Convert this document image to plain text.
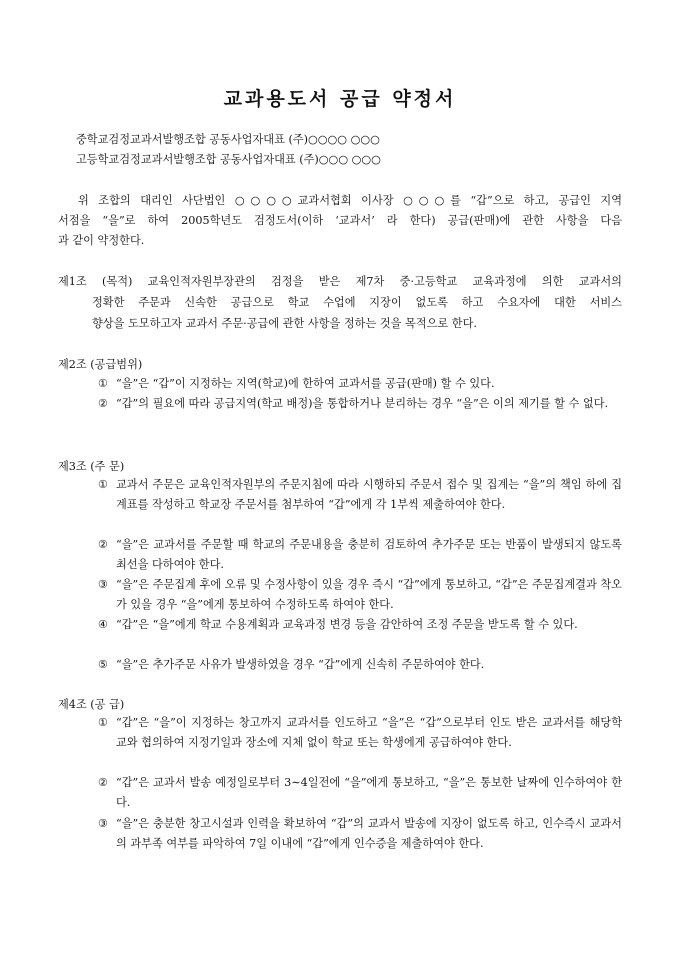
교과용도서 공급 약정서
중학교검정교과서발행조합 공동사업자대표 (주)○○○○ ○○○
고등학교검정교과서발행조합 공동사업자대표 (주)○○○ ○○○
위 조합의 대리인 사단법인 ○○○○교과서협회 이사장 ○○○를 “갑”으로 하고, 공급인 지역
서점을 “을”로 하여 2005학년도 검정도서(이하 ‘교과서’ 라 한다) 공급(판매)에 관한 사항을 다음
과 같이 약정한다.
제1조 (목적) 교육인적자원부장관의 검정을 받은 제7차 중·고등학교 교육과정에 의한 교과서의
정확한 주문과 신속한 공급으로 학교 수업에 지장이 없도록 하고 수요자에 대한 서비스
향상을 도모하고자 교과서 주문·공급에 관한 사항을 정하는 것을 목적으로 한다.
제2조 (공급범위)
① “을”은 “갑”이 지정하는 지역(학교)에 한하여 교과서를 공급(판매) 할 수 있다.
② “갑”의 필요에 따라 공급지역(학교 배정)을 통합하거나 분리하는 경우 “을”은 이의 제기를 할 수 없다.
제3조 (주 문)
① 교과서 주문은 교육인적자원부의 주문지침에 따라 시행하되 주문서 접수 및 집계는 “을”의 책임 하에 집계표를 작성하고 학교장 주문서를 첨부하여 “갑”에게 각 1부씩 제출하여야 한다.
② “을”은 교과서를 주문할 때 학교의 주문내용을 충분히 검토하여 추가주문 또는 반품이 발생되지 않도록 최선을 다하여야 한다.
③ “을”은 주문집계 후에 오류 및 수정사항이 있을 경우 즉시 “갑”에게 통보하고, “갑”은 주문집계결과 착오가 있을 경우 “을”에게 통보하여 수정하도록 하여야 한다.
④ “갑”은 “을”에게 학교 수용계획과 교육과정 변경 등을 감안하여 조정 주문을 받도록 할 수 있다.
⑤ “을”은 추가주문 사유가 발생하였을 경우 “갑”에게 신속히 주문하여야 한다.
제4조 (공 급)
① “갑”은 “을”이 지정하는 창고까지 교과서를 인도하고 “을”은 “갑”으로부터 인도 받은 교과서를 해당학교와 협의하여 지정기일과 장소에 지체 없이 학교 또는 학생에게 공급하여야 한다.
② “갑”은 교과서 발송 예정일로부터 3∼4일전에 “을”에게 통보하고, “을”은 통보한 날짜에 인수하여야 한다.
③ “을”은 충분한 창고시설과 인력을 확보하여 “갑”의 교과서 발송에 지장이 없도록 하고, 인수즉시 교과서의 과부족 여부를 파악하여 7일 이내에 “갑”에게 인수증을 제출하여야 한다.
